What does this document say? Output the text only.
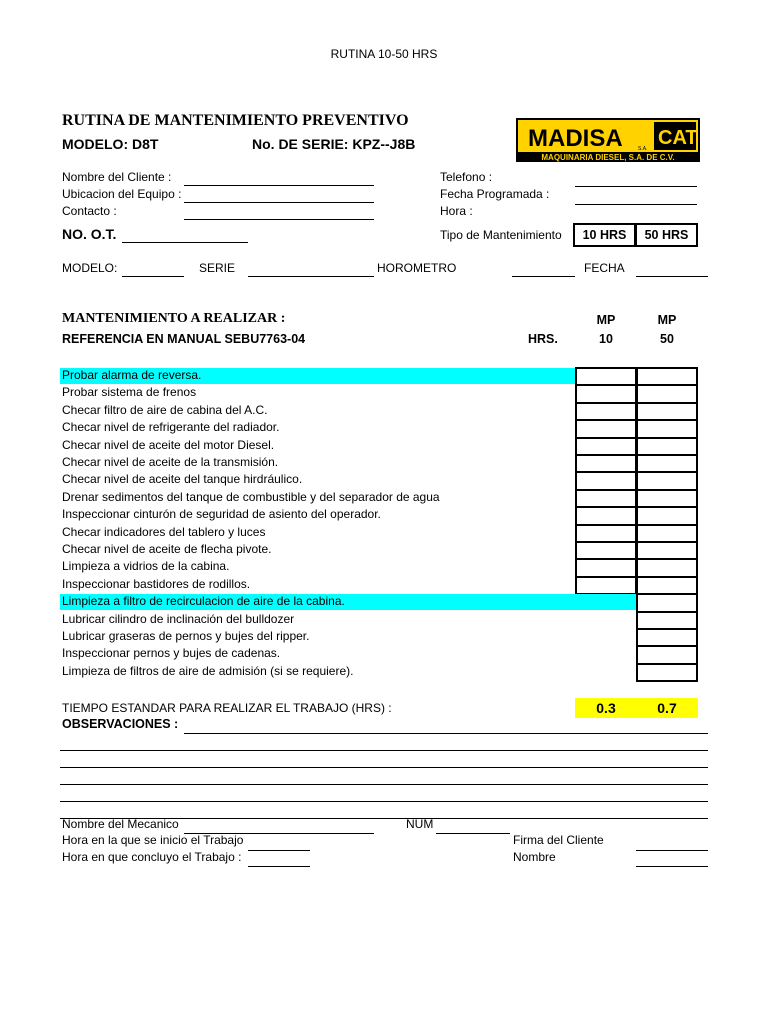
RUTINA 10-50 HRS
RUTINA DE MANTENIMIENTO PREVENTIVO
MODELO: D8T	No. DE SERIE: KPZ--J8B	MADISA CAT
S.A.
MAQUINARIA DIESEL, S.A. DE C.V.
Nombre del Cliente :
Ubicacion del Equipo :
Contacto :
Telefono :
Fecha Programada :
Hora :
NO. O.T.	Tipo de Mantenimiento	10 HRS	50 HRS
MODELO:	SERIE	HOROMETRO	FECHA
MANTENIMIENTO A REALIZAR :
REFERENCIA EN MANUAL SEBU7763-04	HRS.
MP
10
MP
50
Probar alarma de reversa.
Probar sistema de frenos
Checar filtro de aire de cabina del A.C.
Checar nivel de refrigerante del radiador.
Checar nivel de aceite del motor Diesel.
Checar nivel de aceite de la transmisión.
Checar nivel de aceite del tanque hirdráulico.
Drenar sedimentos del tanque de combustible y del separador de agua
Inspeccionar cinturón de seguridad de asiento del operador.
Checar indicadores del tablero y luces
Checar nivel de aceite de flecha pivote.
Limpieza a vidrios de la cabina.
Inspeccionar bastidores de rodillos.
Limpieza a filtro de recirculacion de aire de la cabina.
Lubricar cilindro de inclinación del bulldozer
Lubricar graseras de pernos y bujes del ripper.
Inspeccionar pernos y bujes de cadenas.
Limpieza de filtros de aire de admisión (si se requiere).
TIEMPO ESTANDAR PARA REALIZAR EL TRABAJO (HRS) :	0.3	0.7
OBSERVACIONES :
Nombre del Mecanico	NUM
Hora en la que se inicio el Trabajo	Firma del Cliente
Hora en que concluyo el Trabajo :	Nombre
